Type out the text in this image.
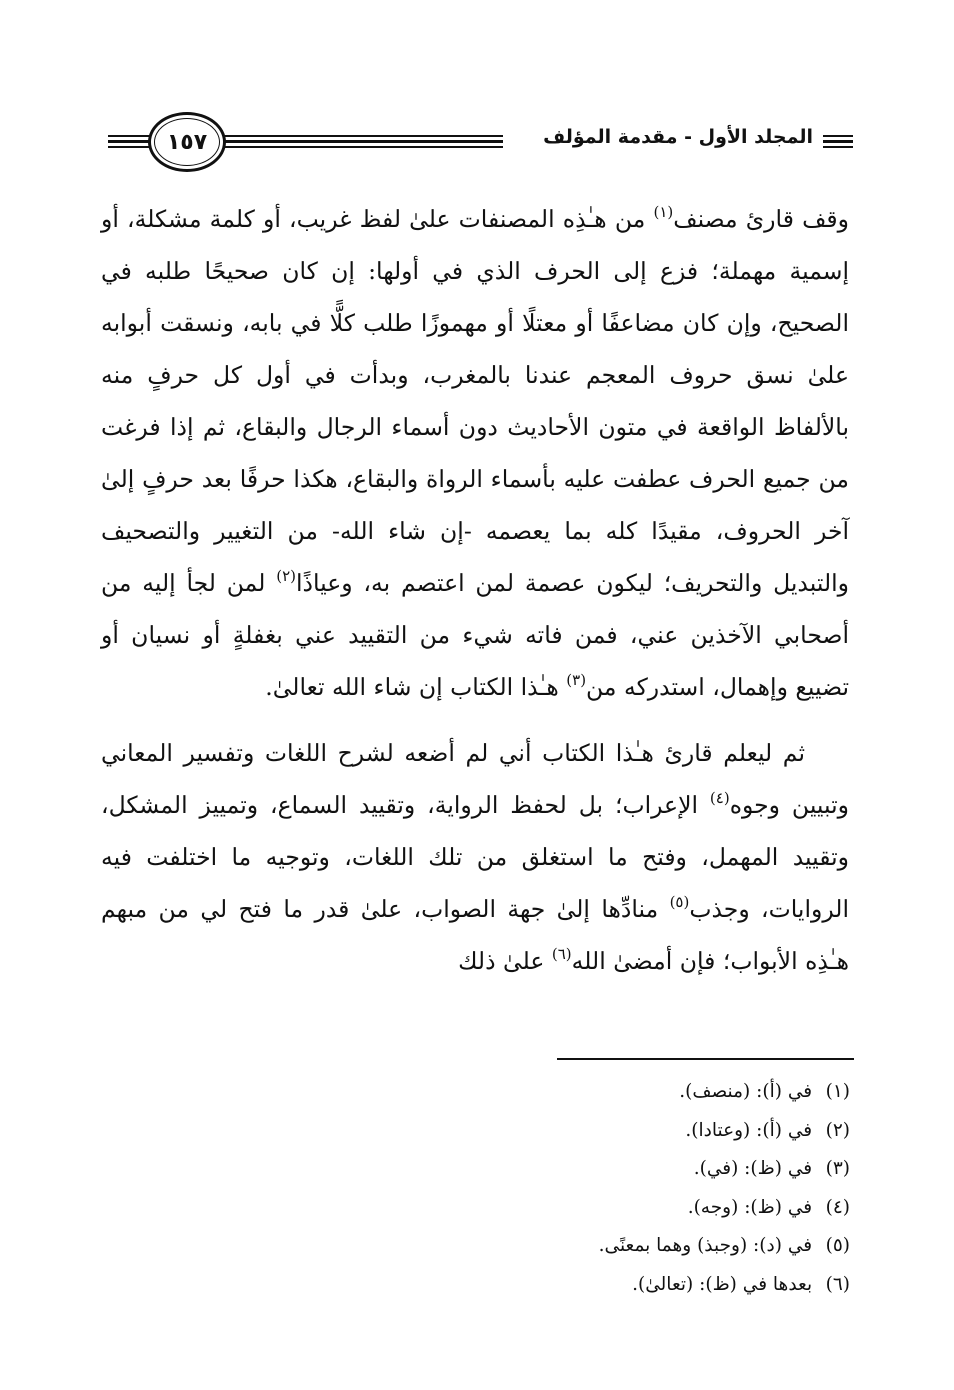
المجلد الأول - مقدمة المؤلف
١٥٧

وقف قارئ مصنف$^{(١)}$ من هـٰذِه المصنفات علىٰ لفظ غريب، أو كلمة مشكلة، أو إسمية مهملة؛ فزع إلى الحرف الذي في أولها: إن كان صحيحًا طلبه في الصحيح، وإن كان مضاعفًا أو معتلًا أو مهموزًا طلب كلًّا في بابه، ونسقت أبوابه علىٰ نسق حروف المعجم عندنا بالمغرب، وبدأت في أول كل حرفٍ منه بالألفاظ الواقعة في متون الأحاديث دون أسماء الرجال والبقاع، ثم إذا فرغت من جميع الحرف عطفت عليه بأسماء الرواة والبقاع، هكذا حرفًا بعد حرفٍ إلىٰ آخر الحروف، مقيدًا كله بما يعصمه -إن شاء الله- من التغيير والتصحيف والتبديل والتحريف؛ ليكون عصمة لمن اعتصم به، وعياذًا$^{(٢)}$ لمن لجأ إليه من أصحابي الآخذين عني، فمن فاته شيء من التقييد عني بغفلةٍ أو نسيان أو تضييع وإهمال، استدركه من$^{(٣)}$ هـٰذا الكتاب إن شاء الله تعالىٰ.

ثم ليعلم قارئ هـٰذا الكتاب أني لم أضعه لشرح اللغات وتفسير المعاني وتبيين وجوه$^{(٤)}$ الإعراب؛ بل لحفظ الرواية، وتقييد السماع، وتمييز المشكل، وتقييد المهمل، وفتح ما استغلق من تلك اللغات، وتوجيه ما اختلفت فيه الروايات، وجذب$^{(٥)}$ منادِّها إلىٰ جهة الصواب، علىٰ قدر ما فتح لي من مبهم هـٰذِه الأبواب؛ فإن أمضىٰ الله$^{(٦)}$ علىٰ ذلك

(١) في (أ): (منصف).
(٢) في (أ): (وعتادا).
(٣) في (ظ): (في).
(٤) في (ظ): (وجه).
(٥) في (د): (وجبذ) وهما بمعنًى.
(٦) بعدها في (ظ): (تعالىٰ).
